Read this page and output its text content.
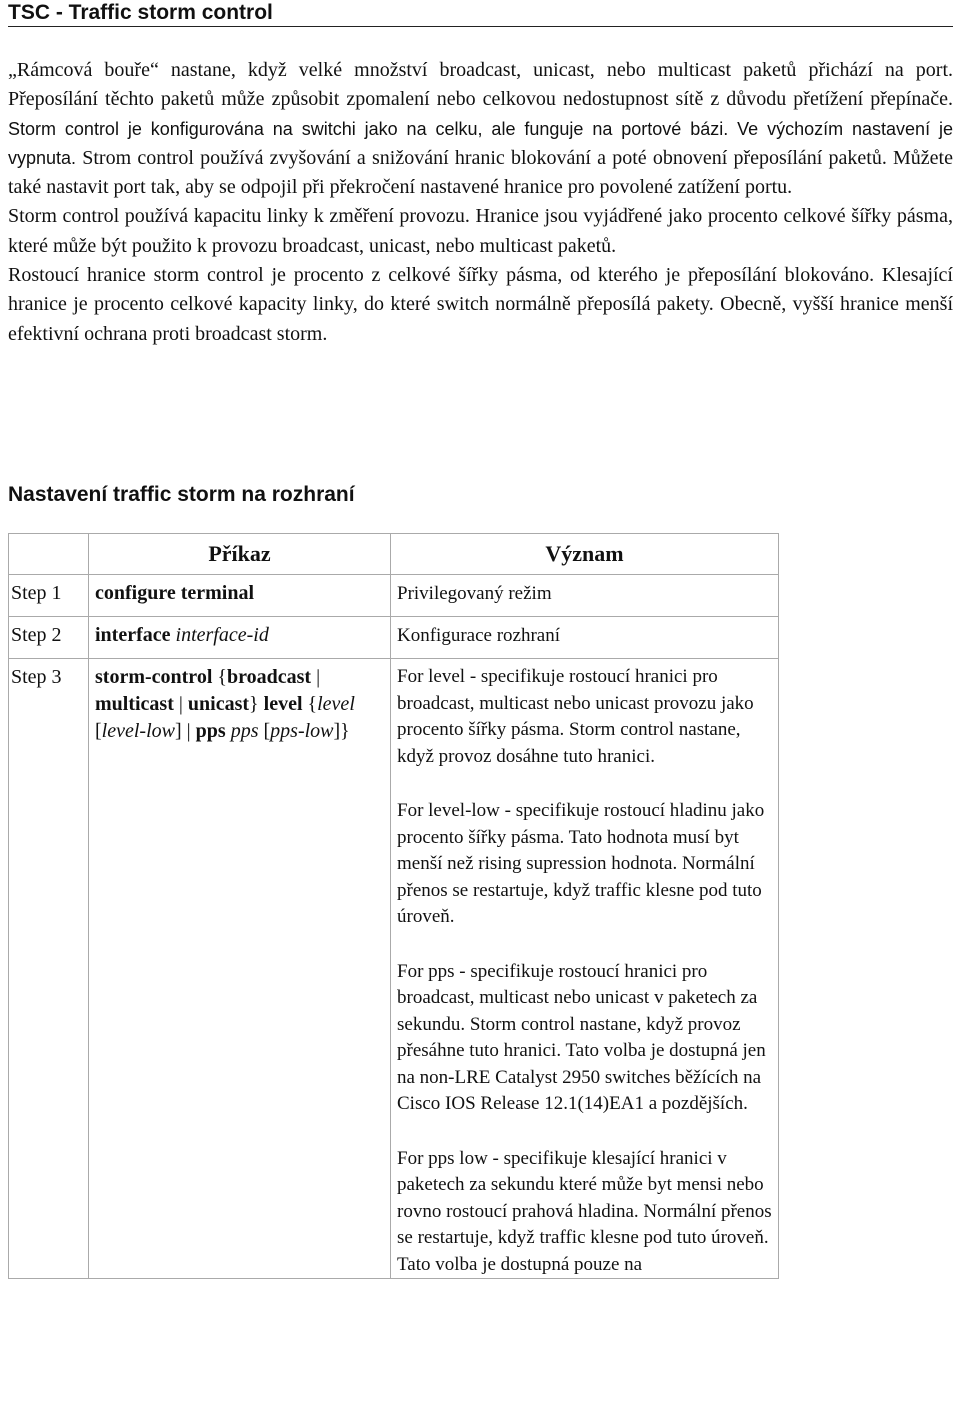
TSC - Traffic storm control

„Rámcová bouře“ nastane, když velké množství broadcast, unicast, nebo multicast paketů přichází na port. Přeposílání těchto paketů může způsobit zpomalení nebo celkovou nedostupnost sítě z důvodu přetížení přepínače. Storm control je konfigurována na switchi jako na celku, ale funguje na portové bázi. Ve výchozím nastavení je vypnuta. Strom control používá zvyšování a snižování hranic blokování a poté obnovení přeposílání paketů. Můžete také nastavit port tak, aby se odpojil při překročení nastavené hranice pro povolené zatížení portu.

Storm control používá kapacitu linky k změření provozu. Hranice jsou vyjádřené jako procento celkové šířky pásma, které může být použito k provozu broadcast, unicast, nebo multicast paketů.

Rostoucí hranice storm control je procento z celkové šířky pásma, od kterého je přeposílání blokováno. Klesající hranice je procento celkové kapacity linky, do které switch normálně přeposílá pakety. Obecně, vyšší hranice menší efektivní ochrana proti broadcast storm.

Nastavení traffic storm na rozhraní
	Příkaz	Význam
Step 1	configure terminal	Privilegovaný režim
Step 2	interface interface-id	Konfigurace rozhraní
Step 3	storm-control {broadcast | multicast | unicast} level {level [level-low] | pps pps [pps-low]}	For level - specifikuje rostoucí hranici pro broadcast, multicast nebo unicast provozu jako procento šířky pásma. Storm control nastane, když provoz dosáhne tuto hranici.

For level-low - specifikuje rostoucí hladinu jako procento šířky pásma. Tato hodnota musí byt menší než rising supression hodnota. Normální přenos se restartuje, když traffic klesne pod tuto úroveň.

For pps - specifikuje rostoucí hranici pro broadcast, multicast nebo unicast v paketech za sekundu. Storm control nastane, když provoz přesáhne tuto hranici. Tato volba je dostupná jen na non-LRE Catalyst 2950 switches běžících na Cisco IOS Release 12.1(14)EA1 a pozdějších.

For pps low - specifikuje klesající hranici v paketech za sekundu které může byt mensi nebo rovno rostoucí prahová hladina. Normální přenos se restartuje, když traffic klesne pod tuto úroveň. Tato volba je dostupná pouze na
